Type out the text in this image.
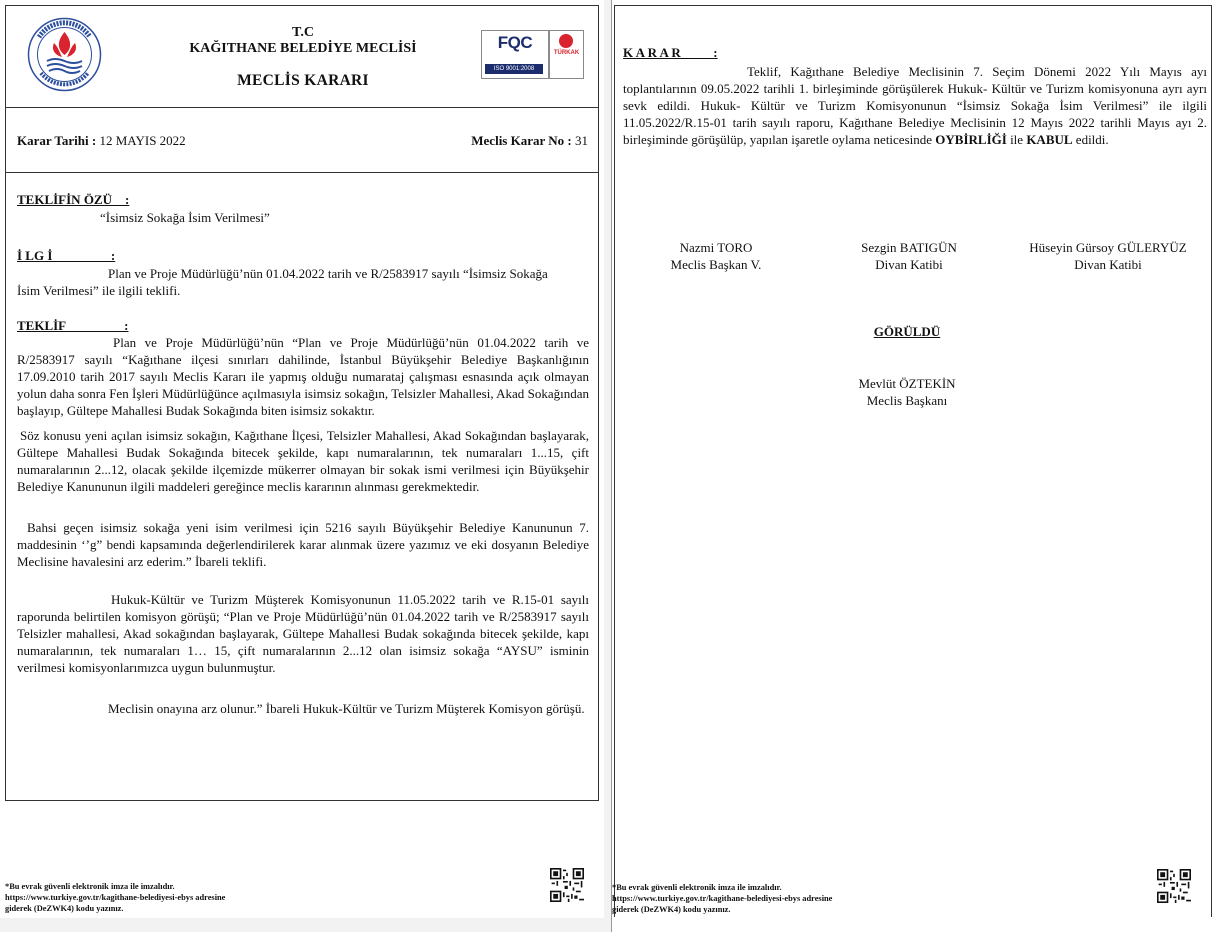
T.C
KAĞITHANE BELEDİYE MECLİSİ
MECLİS KARARI
FQC
ISO 9001:2008
TÜRKAK
Karar Tarihi : 12 MAYIS 2022	Meclis Karar No : 31
TEKLİFİN ÖZÜ    :
“İsimsiz Sokağa İsim Verilmesi”
İ LG İ                  :
Plan ve Proje Müdürlüğü’nün 01.04.2022 tarih ve R/2583917 sayılı “İsimsiz Sokağa
İsim Verilmesi” ile ilgili teklifi.
TEKLİF                  :
Plan ve Proje Müdürlüğü’nün “Plan ve Proje Müdürlüğü’nün 01.04.2022 tarih ve R/2583917 sayılı “Kağıthane ilçesi sınırları dahilinde, İstanbul Büyükşehir Belediye Başkanlığının 17.09.2010 tarih 2017 sayılı Meclis Kararı ile yapmış olduğu numarataj çalışması esnasında açık olmayan yolun daha sonra Fen İşleri Müdürlüğünce açılmasıyla isimsiz sokağın, Telsizler Mahallesi, Akad Sokağından başlayıp, Gültepe Mahallesi Budak Sokağında biten isimsiz sokaktır.
Söz konusu yeni açılan isimsiz sokağın, Kağıthane İlçesi, Telsizler Mahallesi, Akad Sokağından başlayarak, Gültepe Mahallesi Budak Sokağında bitecek şekilde, kapı numaralarının, tek numaraları 1...15, çift numaralarının 2...12, olacak şekilde ilçemizde mükerrer olmayan bir sokak ismi verilmesi için Büyükşehir Belediye Kanununun ilgili maddeleri gereğince meclis kararının alınması gerekmektedir.
Bahsi geçen isimsiz sokağa yeni isim verilmesi için 5216 sayılı Büyükşehir Belediye Kanununun 7. maddesinin ‘’g” bendi kapsamında değerlendirilerek karar alınmak üzere yazımız ve eki dosyanın Belediye Meclisine havalesini arz ederim.” İbareli teklifi.
Hukuk-Kültür ve Turizm Müşterek Komisyonunun 11.05.2022 tarih ve R.15-01 sayılı raporunda belirtilen komisyon görüşü; “Plan ve Proje Müdürlüğü’nün 01.04.2022 tarih ve R/2583917 sayılı Telsizler mahallesi, Akad sokağından başlayarak, Gültepe Mahallesi Budak sokağında bitecek şekilde, kapı numaralarının, tek numaraları 1… 15, çift numaralarının 2...12 olan isimsiz sokağa “AYSU” isminin verilmesi komisyonlarımızca uygun bulunmuştur.
Meclisin onayına arz olunur.” İbareli Hukuk-Kültür ve Turizm Müşterek Komisyon görüşü.
*Bu evrak güvenli elektronik imza ile imzalıdır.
https://www.turkiye.gov.tr/kagithane-belediyesi-ebys adresine
giderek (DeZWK4) kodu yazınız.
K A R A R          :
Teklif, Kağıthane Belediye Meclisinin 7. Seçim Dönemi 2022 Yılı Mayıs ayı toplantılarının 09.05.2022 tarihli 1. birleşiminde görüşülerek Hukuk- Kültür ve Turizm komisyonuna ayrı ayrı sevk edildi. Hukuk- Kültür ve Turizm Komisyonunun “İsimsiz Sokağa İsim Verilmesi” ile ilgili 11.05.2022/R.15-01 tarih sayılı raporu, Kağıthane Belediye Meclisinin 12 Mayıs 2022 tarihli Mayıs ayı 2. birleşiminde görüşülüp, yapılan işaretle oylama neticesinde OYBİRLİĞİ ile KABUL edildi.
Nazmi TORO
Meclis Başkan V.
Sezgin BATIGÜN
Divan Katibi
Hüseyin Gürsoy GÜLERYÜZ
Divan Katibi
GÖRÜLDÜ
Mevlüt ÖZTEKİN
Meclis Başkanı
*Bu evrak güvenli elektronik imza ile imzalıdır.
https://www.turkiye.gov.tr/kagithane-belediyesi-ebys adresine
giderek (DeZWK4) kodu yazınız.
